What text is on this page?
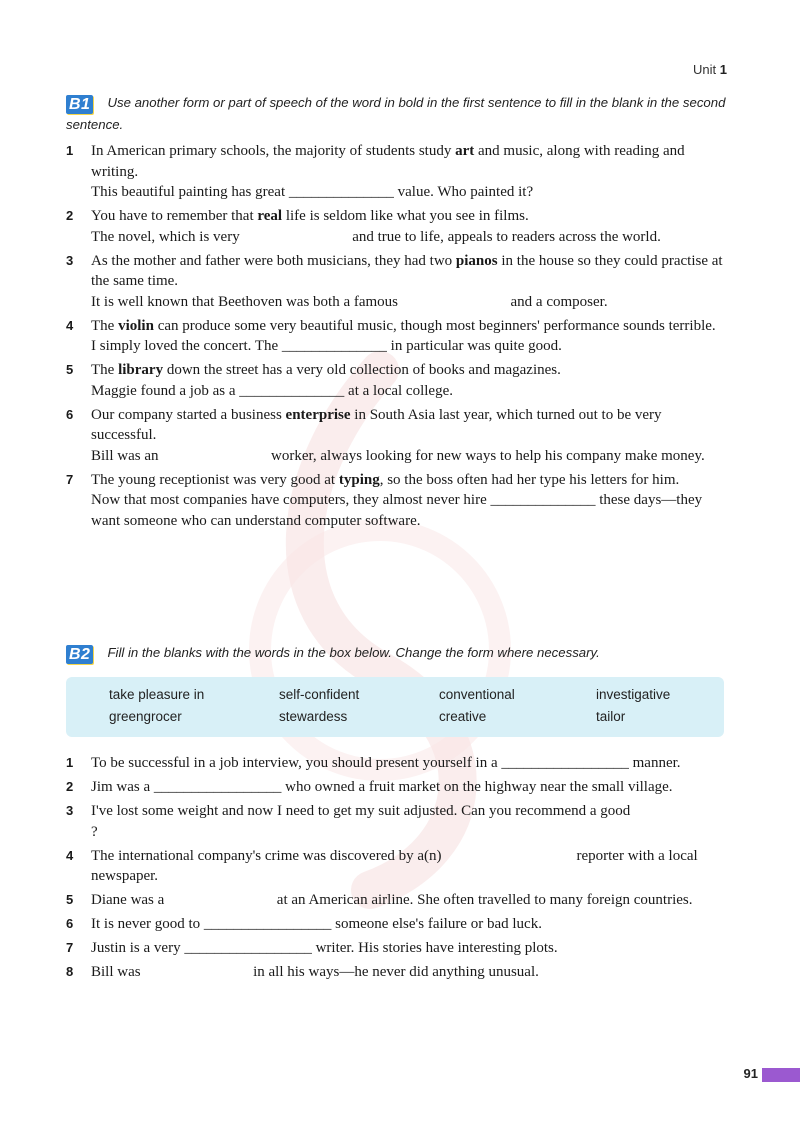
Unit 1
B1 Use another form or part of speech of the word in bold in the first sentence to fill in the blank in the second sentence.
1 In American primary schools, the majority of students study art and music, along with reading and writing.
This beautiful painting has great ______________ value. Who painted it?
2 You have to remember that real life is seldom like what you see in films.
The novel, which is very                              and true to life, appeals to readers across the world.
3 As the mother and father were both musicians, they had two pianos in the house so they could practise at the same time.
It is well known that Beethoven was both a famous                              and a composer.
4 The violin can produce some very beautiful music, though most beginners' performance sounds terrible.
I simply loved the concert. The ______________ in particular was quite good.
5 The library down the street has a very old collection of books and magazines.
Maggie found a job as a ______________ at a local college.
6 Our company started a business enterprise in South Asia last year, which turned out to be very successful.
Bill was an                              worker, always looking for new ways to help his company make money.
7 The young receptionist was very good at typing, so the boss often had her type his letters for him.
Now that most companies have computers, they almost never hire ______________ these days—they want someone who can understand computer software.
B2 Fill in the blanks with the words in the box below. Change the form where necessary.
take pleasure in	self-confident	conventional	investigative
greengrocer	stewardess	creative	tailor
1 To be successful in a job interview, you should present yourself in a _________________ manner.
2 Jim was a _________________ who owned a fruit market on the highway near the small village.
3 I've lost some weight and now I need to get my suit adjusted. Can you recommend a good                              ?
4 The international company's crime was discovered by a(n)                                    reporter with a local newspaper.
5 Diane was a                              at an American airline. She often travelled to many foreign countries.
6 It is never good to _________________ someone else's failure or bad luck.
7 Justin is a very _________________ writer. His stories have interesting plots.
8 Bill was                              in all his ways—he never did anything unusual.
91
